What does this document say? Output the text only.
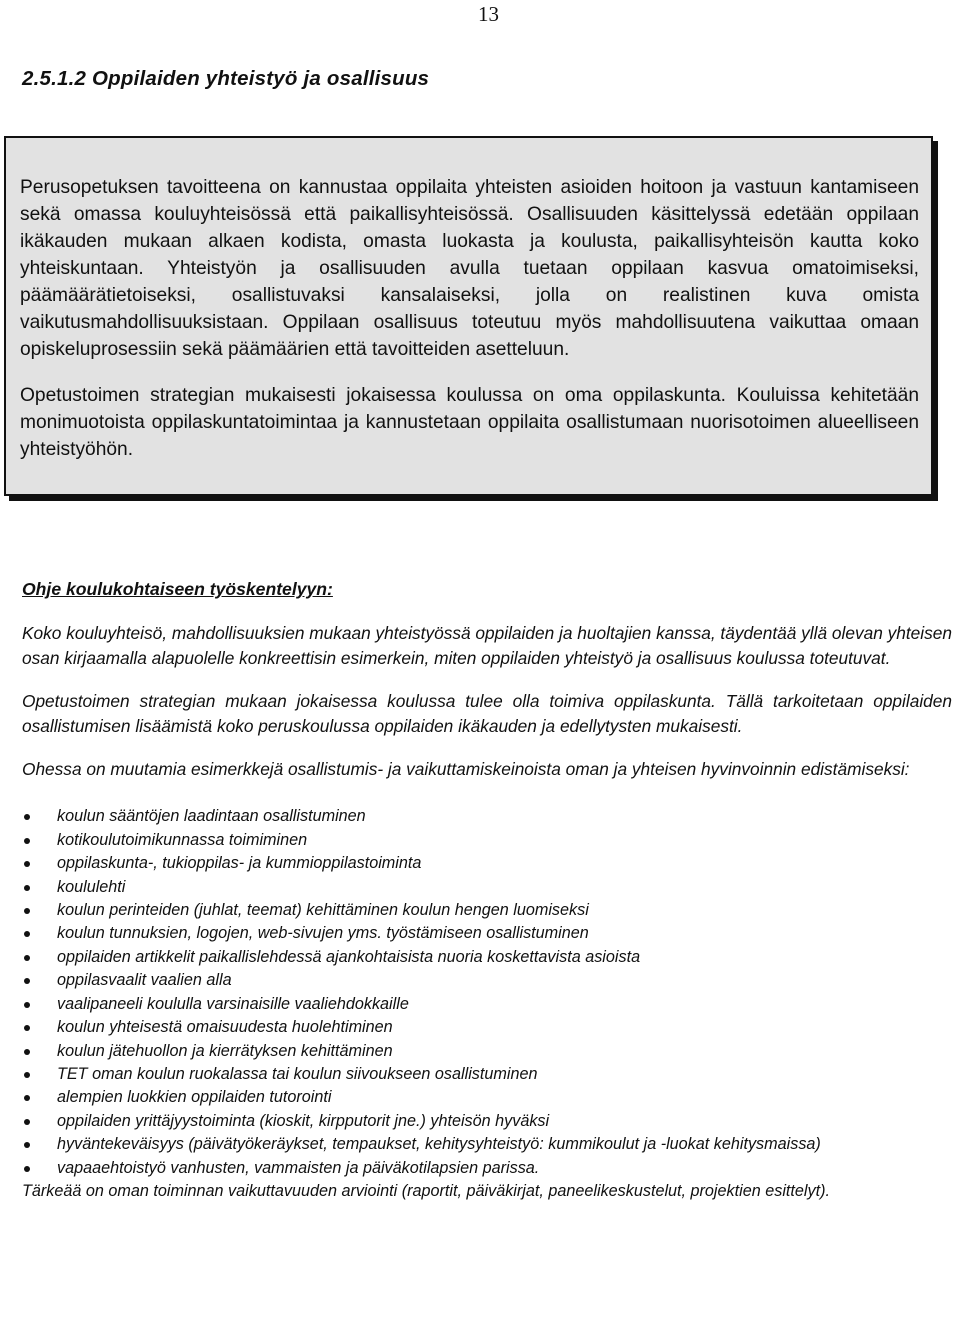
13
2.5.1.2 Oppilaiden yhteistyö ja osallisuus

Perusopetuksen tavoitteena on kannustaa oppilaita yhteisten asioiden hoitoon ja vastuun kantamiseen sekä omassa kouluyhteisössä että paikallisyhteisössä. Osallisuuden käsittelyssä edetään oppilaan ikäkauden mukaan alkaen kodista, omasta luokasta ja koulusta, paikallisyhteisön kautta koko yhteiskuntaan. Yhteistyön ja osallisuuden avulla tuetaan oppilaan kasvua omatoimiseksi, päämäärätietoiseksi, osallistuvaksi kansalaiseksi, jolla on realistinen kuva omista vaikutusmahdollisuuksistaan. Oppilaan osallisuus toteutuu myös mahdollisuutena vaikuttaa omaan opiskeluprosessiin sekä päämäärien että tavoitteiden asetteluun.

Opetustoimen strategian mukaisesti jokaisessa koulussa on oma oppilaskunta. Kouluissa kehitetään monimuotoista oppilaskuntatoimintaa ja kannustetaan oppilaita osallistumaan nuorisotoimen alueelliseen yhteistyöhön.

Ohje koulukohtaiseen työskentelyyn:

Koko kouluyhteisö, mahdollisuuksien mukaan yhteistyössä oppilaiden ja huoltajien kanssa, täydentää yllä olevan yhteisen osan kirjaamalla alapuolelle konkreettisin esimerkein, miten oppilaiden yhteistyö ja osallisuus koulussa toteutuvat.

Opetustoimen strategian mukaan jokaisessa koulussa tulee olla toimiva oppilaskunta. Tällä tarkoitetaan oppilaiden osallistumisen lisäämistä koko peruskoulussa oppilaiden ikäkauden ja edellytysten mukaisesti.

Ohessa on muutamia esimerkkejä osallistumis- ja vaikuttamiskeinoista oman ja yhteisen hyvinvoinnin edistämiseksi:

koulun sääntöjen laadintaan osallistuminen
kotikoulutoimikunnassa toimiminen
oppilaskunta-, tukioppilas- ja kummioppilastoiminta
koululehti
koulun perinteiden (juhlat, teemat) kehittäminen koulun hengen luomiseksi
koulun tunnuksien, logojen, web-sivujen yms. työstämiseen osallistuminen
oppilaiden artikkelit paikallislehdessä ajankohtaisista nuoria koskettavista asioista
oppilasvaalit vaalien alla
vaalipaneeli koululla varsinaisille vaaliehdokkaille
koulun yhteisestä omaisuudesta huolehtiminen
koulun jätehuollon ja kierrätyksen kehittäminen
TET oman koulun ruokalassa tai koulun siivoukseen osallistuminen
alempien luokkien oppilaiden tutorointi
oppilaiden yrittäjyystoiminta (kioskit, kirpputorit jne.) yhteisön hyväksi
hyväntekeväisyys (päivätyökeräykset, tempaukset, kehitysyhteistyö: kummikoulut ja -luokat kehitysmaissa)
vapaaehtoistyö vanhusten, vammaisten ja päiväkotilapsien parissa.

Tärkeää on oman toiminnan vaikuttavuuden arviointi (raportit, päiväkirjat, paneelikeskustelut, projektien esittelyt).
